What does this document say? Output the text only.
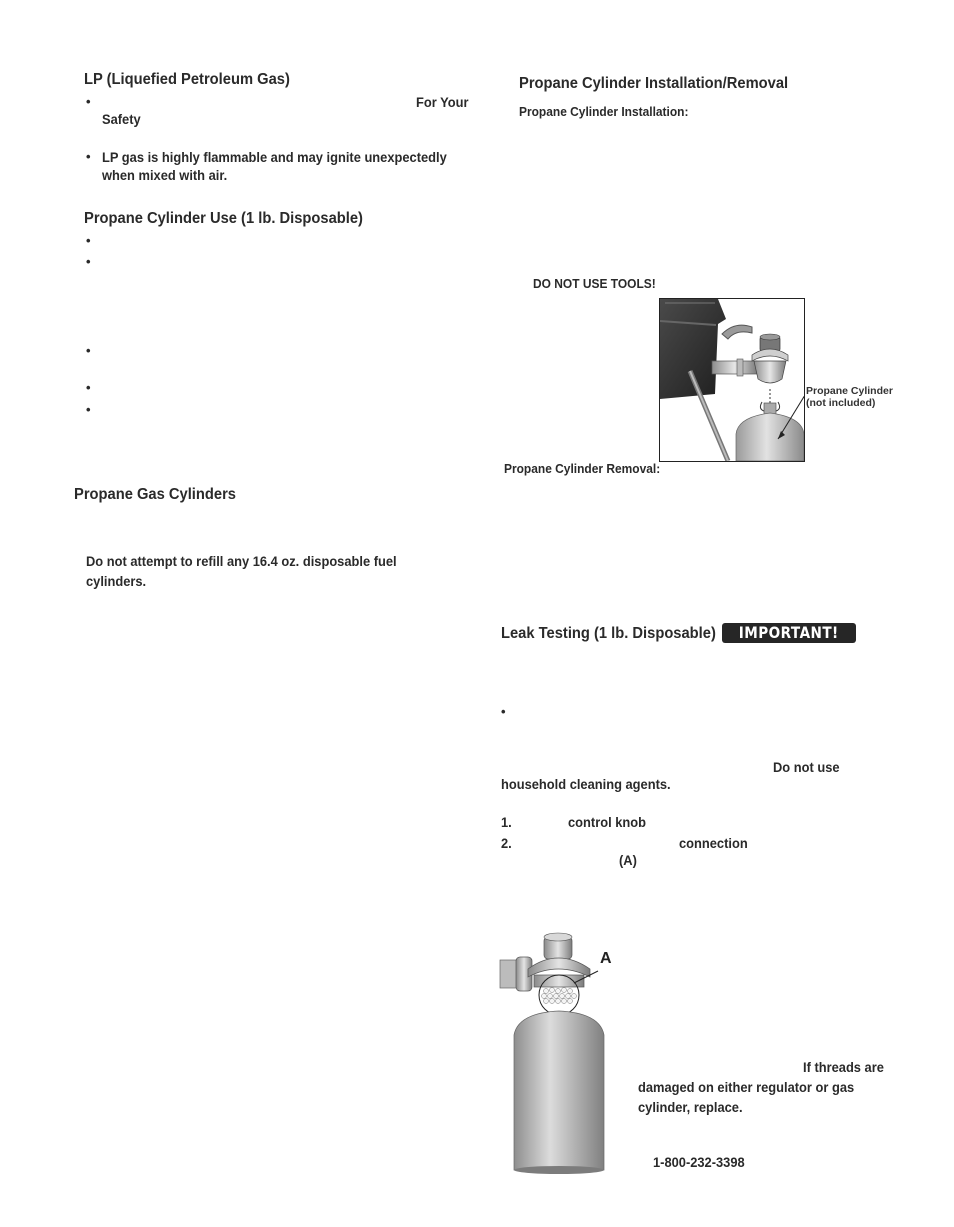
LP (Liquefied Petroleum Gas)
•	For Your
Safety
• LP gas is highly flammable and may ignite unexpectedly
when mixed with air.
Propane Cylinder Use (1 lb. Disposable)
•
•
•
•
•
Propane Gas Cylinders
Do not attempt to refill any 16.4 oz. disposable fuel
cylinders.
Propane Cylinder Installation/Removal
Propane Cylinder Installation:
DO NOT USE TOOLS!
Propane Cylinder
(not included)
Propane Cylinder Removal:
Leak Testing (1 lb. Disposable)	IMPORTANT!
•
Do not use
household cleaning agents.
1.	control knob
2.	connection
(A)
A
If threads are
damaged on either regulator or gas
cylinder, replace.
1-800-232-3398
